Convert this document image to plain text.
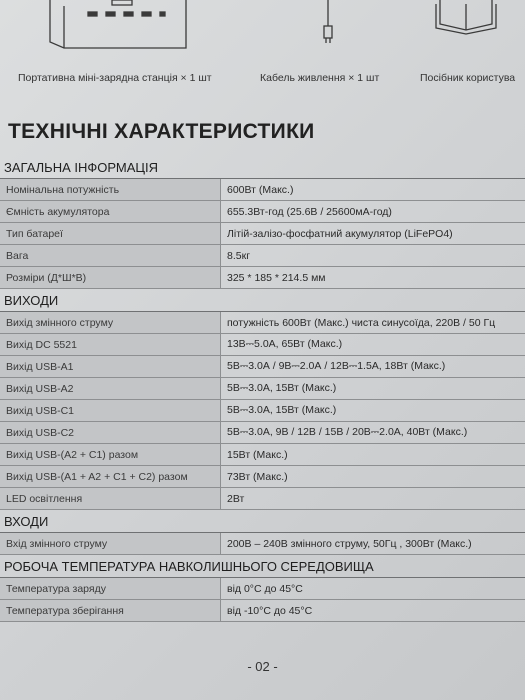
Портативна міні-зарядна станція × 1 шт	Кабель живлення × 1 шт	Посібник користува
ТЕХНІЧНІ ХАРАКТЕРИСТИКИ
ЗАГАЛЬНА ІНФОРМАЦІЯ	
Номінальна потужність	600Вт (Макс.)
Ємність акумулятора	655.3Вт-год (25.6В / 25600мА-год)
Тип батареї	Літій-залізо-фосфатний акумулятор (LiFePO4)
Вага	8.5кг
Розміри (Д*Ш*В)	325 * 185 * 214.5 мм
ВИХОДИ	
Вихід змінного струму	потужність 600Вт (Макс.) чиста синусоїда, 220В / 50 Гц
Вихід DC 5521	13В⎓5.0А, 65Вт (Макс.)
Вихід USB-A1	5В⎓3.0А / 9В⎓2.0А / 12В⎓1.5А, 18Вт (Макс.)
Вихід USB-A2	5В⎓3.0А, 15Вт (Макс.)
Вихід USB-C1	5В⎓3.0А, 15Вт (Макс.)
Вихід USB-C2	5В⎓3.0А, 9В / 12В / 15В / 20В⎓2.0А, 40Вт (Макс.)
Вихід USB-(A2 + C1) разом	15Вт (Макс.)
Вихід USB-(A1 + A2 + C1 + C2) разом	73Вт (Макс.)
LED освітлення	2Вт
ВХОДИ	
Вхід змінного струму	200В – 240В змінного струму, 50Гц , 300Вт (Макс.)
РОБОЧА ТЕМПЕРАТУРА НАВКОЛИШНЬОГО СЕРЕДОВИЩА	
Температура заряду	від 0°С до 45°С
Температура зберігання	від -10°С до 45°С
- 02 -
